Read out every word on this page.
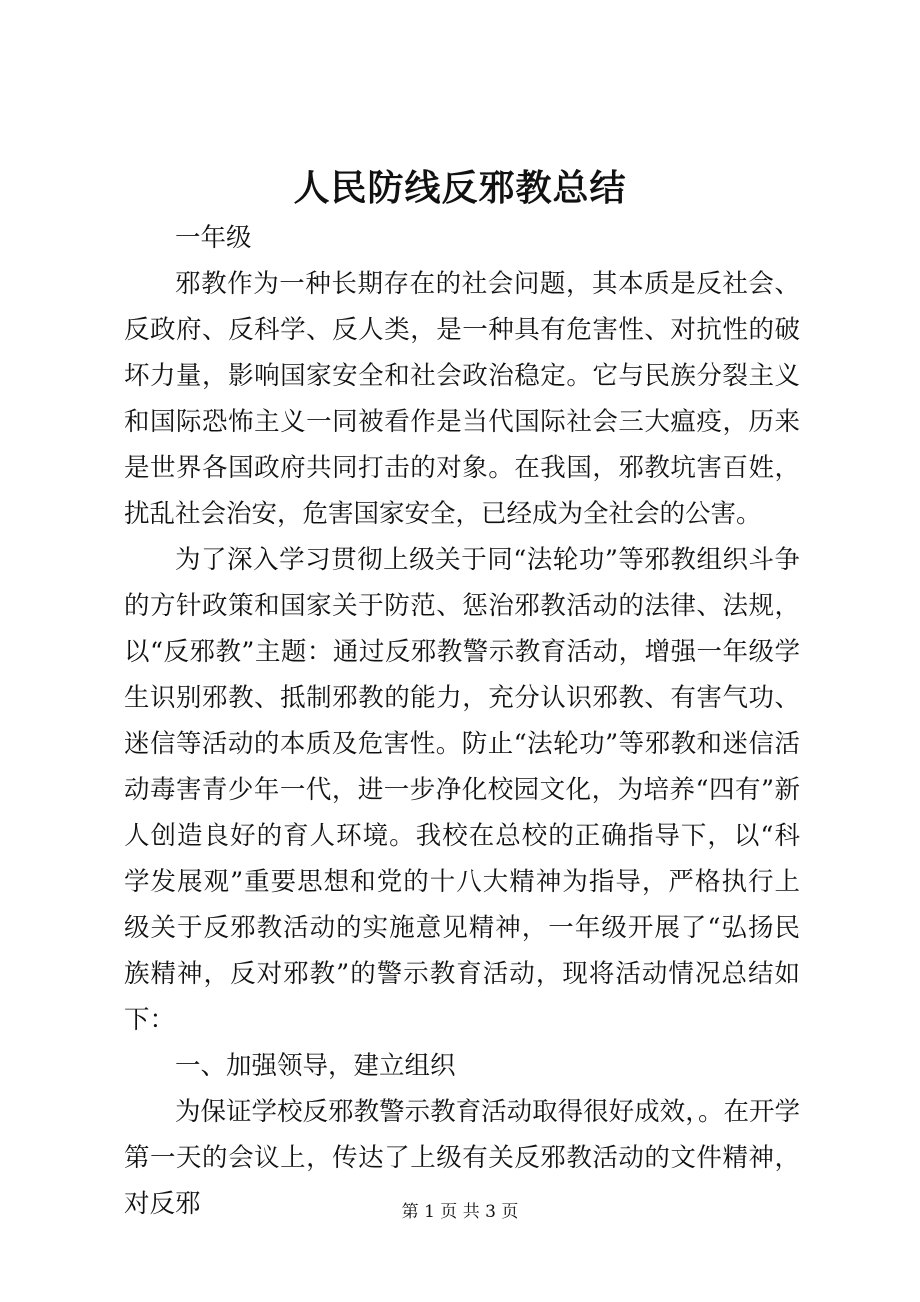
人民防线反邪教总结

一年级

邪教作为一种长期存在的社会问题，其本质是反社会、反政府、反科学、反人类，是一种具有危害性、对抗性的破坏力量，影响国家安全和社会政治稳定。它与民族分裂主义和国际恐怖主义一同被看作是当代国际社会三大瘟疫，历来是世界各国政府共同打击的对象。在我国，邪教坑害百姓，扰乱社会治安，危害国家安全，已经成为全社会的公害。

为了深入学习贯彻上级关于同“法轮功”等邪教组织斗争的方针政策和国家关于防范、惩治邪教活动的法律、法规，以“反邪教”主题：通过反邪教警示教育活动，增强一年级学生识别邪教、抵制邪教的能力，充分认识邪教、有害气功、迷信等活动的本质及危害性。防止“法轮功”等邪教和迷信活动毒害青少年一代，进一步净化校园文化，为培养“四有”新人创造良好的育人环境。我校在总校的正确指导下，以“科学发展观”重要思想和党的十八大精神为指导，严格执行上级关于反邪教活动的实施意见精神，一年级开展了“弘扬民族精神，反对邪教”的警示教育活动，现将活动情况总结如下：

一、加强领导，建立组织

为保证学校反邪教警示教育活动取得很好成效，。在开学第一天的会议上，传达了上级有关反邪教活动的文件精神，对反邪	第 1 页 共 3 页
